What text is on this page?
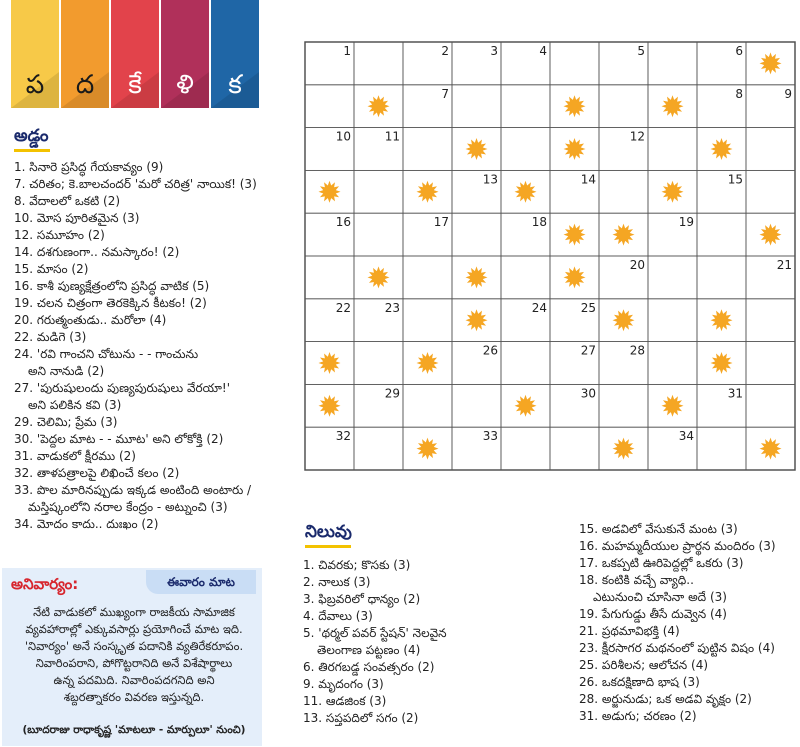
ప	ద	కే	ళి	క
అడ్డం
1. సినారె ప్రసిద్ధ గేయకావ్యం (9)
7. చరితం; కె.బాలచందర్ 'మరో చరిత్ర' నాయిక! (3)
8. వేదాలలో ఒకటి (2)
10. మోస పూరితమైన (3)
12. సమూహం (2)
14. దశగుణంగా.. నమస్కారం! (2)
15. మాసం (2)
16. కాశీ పుణ్యక్షేత్రంలోని ప్రసిద్ధ వాటిక (5)
19. చలన చిత్రంగా తెరకెక్కిన కీటకం! (2)
20. గరుత్మంతుడు.. మరోలా (4)
22. మడిగె (3)
24. 'రవి గాంచని చోటును - - గాంచును
అని నానుడి (2)
27. 'పురుషులందు పుణ్యపురుషులు వేరయా!'
అని పలికిన కవి (3)
29. చెలిమి; ప్రేమ (3)
30. 'పెద్దల మాట - - మూట' అని లోకోక్తి (2)
31. వాడుకలో క్షీరము (2)
32. తాళపత్రాలపై లిఖించే కలం (2)
33. పొల మారినప్పుడు ఇక్కడ అంటింది అంటారు /
మస్తిష్కంలోని నరాల కేంద్రం - అట్నుంచి (3)
34. మోదం కాదు.. దుఃఖం (2)
1	2	3	4	5	6
7	8	9
10	11	12
13	14	15
16	17	18	19
20	21
22	23	24	25
26	27	28
29	30	31
32	33	34
నిలువు
1. చివరకు; కొసకు (3)
2. నాలుక (3)
3. ఫిబ్రవరిలో ధాన్యం (2)
4. దేవాలు (3)
5. 'థర్మల్ పవర్ స్టేషన్' నెలవైన
తెలంగాణ పట్టణం (4)
6. తిరగబడ్డ సంవత్సరం (2)
9. మృదంగం (3)
11. ఆడజింక (3)
13. సప్తపదిలో సగం (2)
15. అడవిలో వేసుకునే మంట (3)
16. మహమ్మదీయుల ప్రార్థన మందిరం (3)
17. ఒకప్పటి ఊరిపెద్దల్లో ఒకరు (3)
18. కంటికి వచ్చే వ్యాధి..
ఎటునుంచి చూసినా అదే (3)
19. పేగుగుడ్డు తీసే దువ్వెన (4)
21. ప్రథమావిభక్తి (4)
23. క్షీరసాగర మథనంలో పుట్టిన విషం (4)
25. పరిశీలన; ఆలోచన (4)
26. ఒకదక్షిణాది భాష (3)
28. అర్జునుడు; ఒక అడవి వృక్షం (2)
31. అడుగు; చరణం (2)
అనివార్యం:	ఈవారం మాట
నేటి వాడుకలో ముఖ్యంగా రాజకీయ సామాజిక
వ్యవహారాల్లో ఎక్కువసార్లు ప్రయోగించే మాట ఇది.
'నివార్యం' అనే సంస్కృత పదానికి వ్యతిరేకరూపం.
నివారింపరాని, పోగొట్టరానిది అనే విశేషార్థాలు
ఉన్న పదమిది. నివారింపదగనిది అని
శబ్దరత్నాకరం వివరణ ఇస్తున్నది.
(బూదరాజు రాధాకృష్ణ 'మాటలూ - మార్పులూ' నుంచి)
